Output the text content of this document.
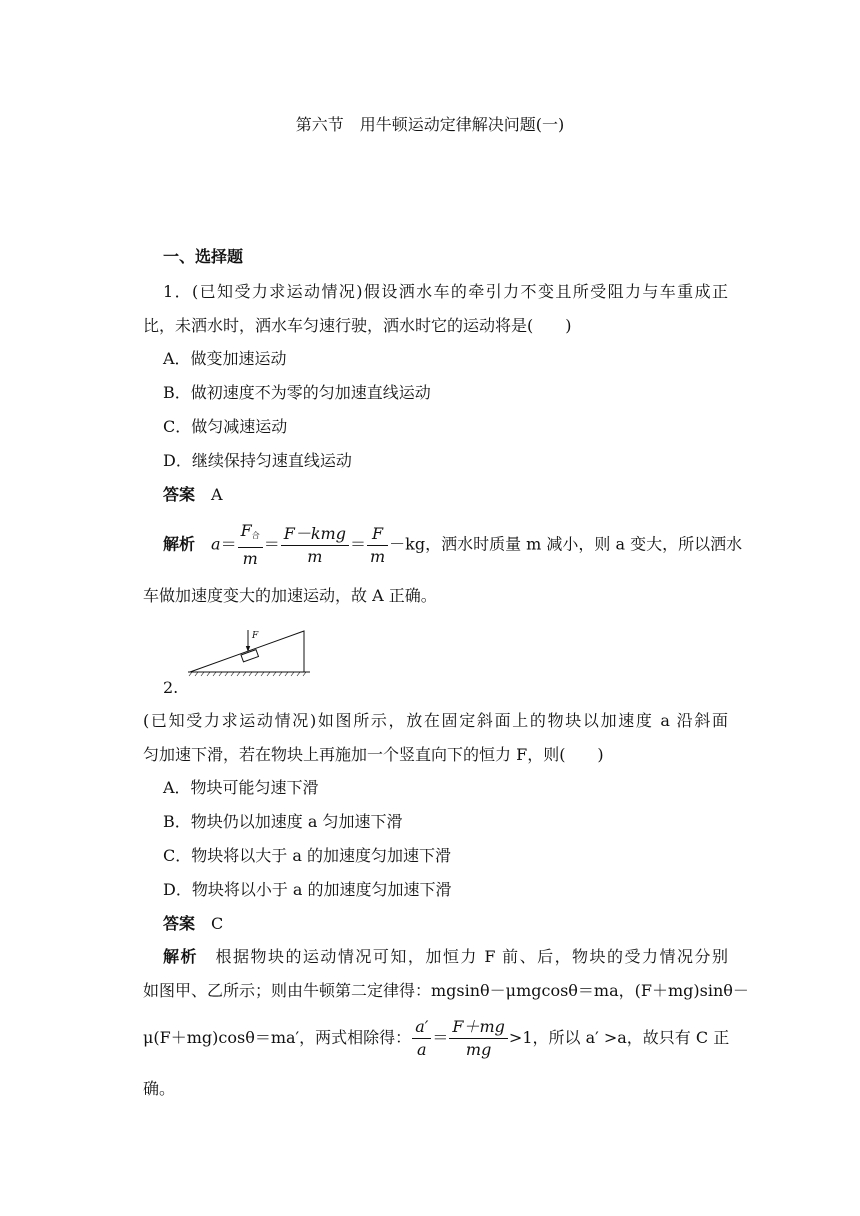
第六节　用牛顿运动定律解决问题(一)
一、选择题
1．(已知受力求运动情况)假设洒水车的牵引力不变且所受阻力与车重成正
比，未洒水时，洒水车匀速行驶，洒水时它的运动将是(　　)
A．做变加速运动
B．做初速度不为零的匀加速直线运动
C．做匀减速运动
D．继续保持匀速直线运动
答案　 A
解析　 $a= \frac{F_合}{m} = \frac{\text{F－kmg}}{m} = \frac{F}{m} -kg$，洒水时质量 m 减小，则 a 变大，所以洒水
车做加速度变大的加速运动，故 A 正确。
F
2.
(已知受力求运动情况)如图所示，放在固定斜面上的物块以加速度 a 沿斜面
匀加速下滑，若在物块上再施加一个竖直向下的恒力 F，则(　　)
A．物块可能匀速下滑
B．物块仍以加速度 a 匀加速下滑
C．物块将以大于 a 的加速度匀加速下滑
D．物块将以小于 a 的加速度匀加速下滑
答案　 C
解析　 根据物块的运动情况可知，加恒力 F 前、后，物块的受力情况分别
如图甲、乙所示；则由牛顿第二定律得：mgsinθ－μmgcosθ＝ma，(F＋mg)sinθ－
μ(F＋mg)cosθ＝ma′，两式相除得： $\frac{a'}{a} = \frac{F+mg}{mg} >1$，所以 a′ >a，故只有 C 正
确。
